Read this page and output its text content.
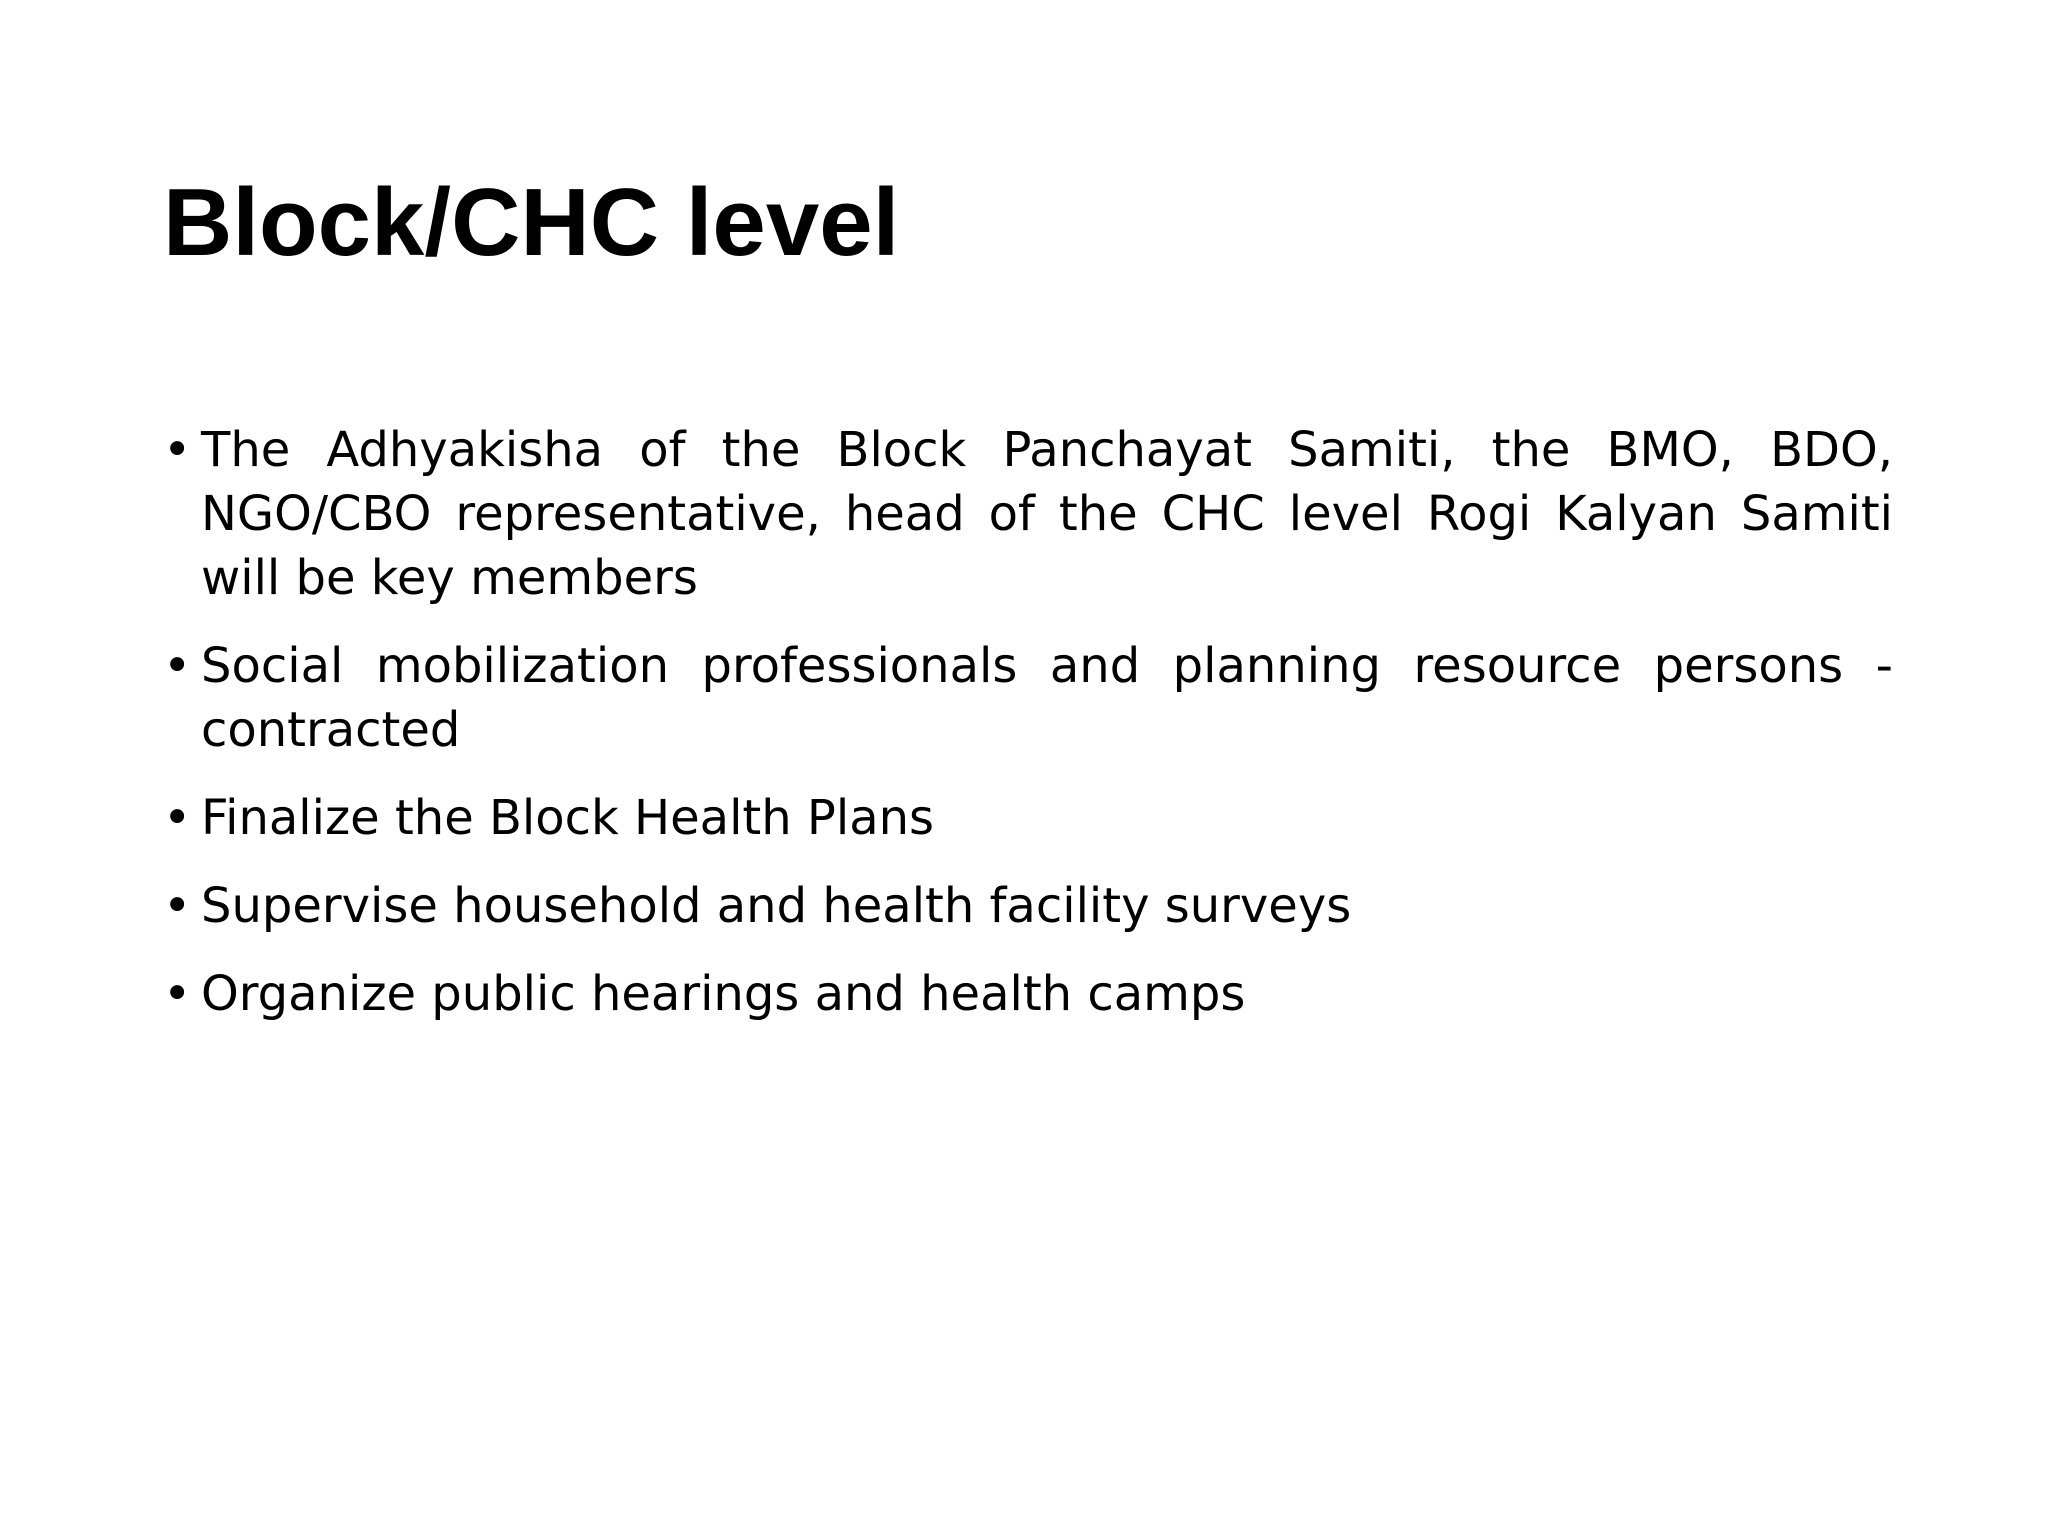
Block/CHC level
• The Adhyakisha of the Block Panchayat Samiti, the BMO, BDO, NGO/CBO representative, head of the CHC level Rogi Kalyan Samiti will be key members
• Social mobilization professionals and planning resource persons - contracted
• Finalize the Block Health Plans
• Supervise household and health facility surveys
• Organize public hearings and health camps
